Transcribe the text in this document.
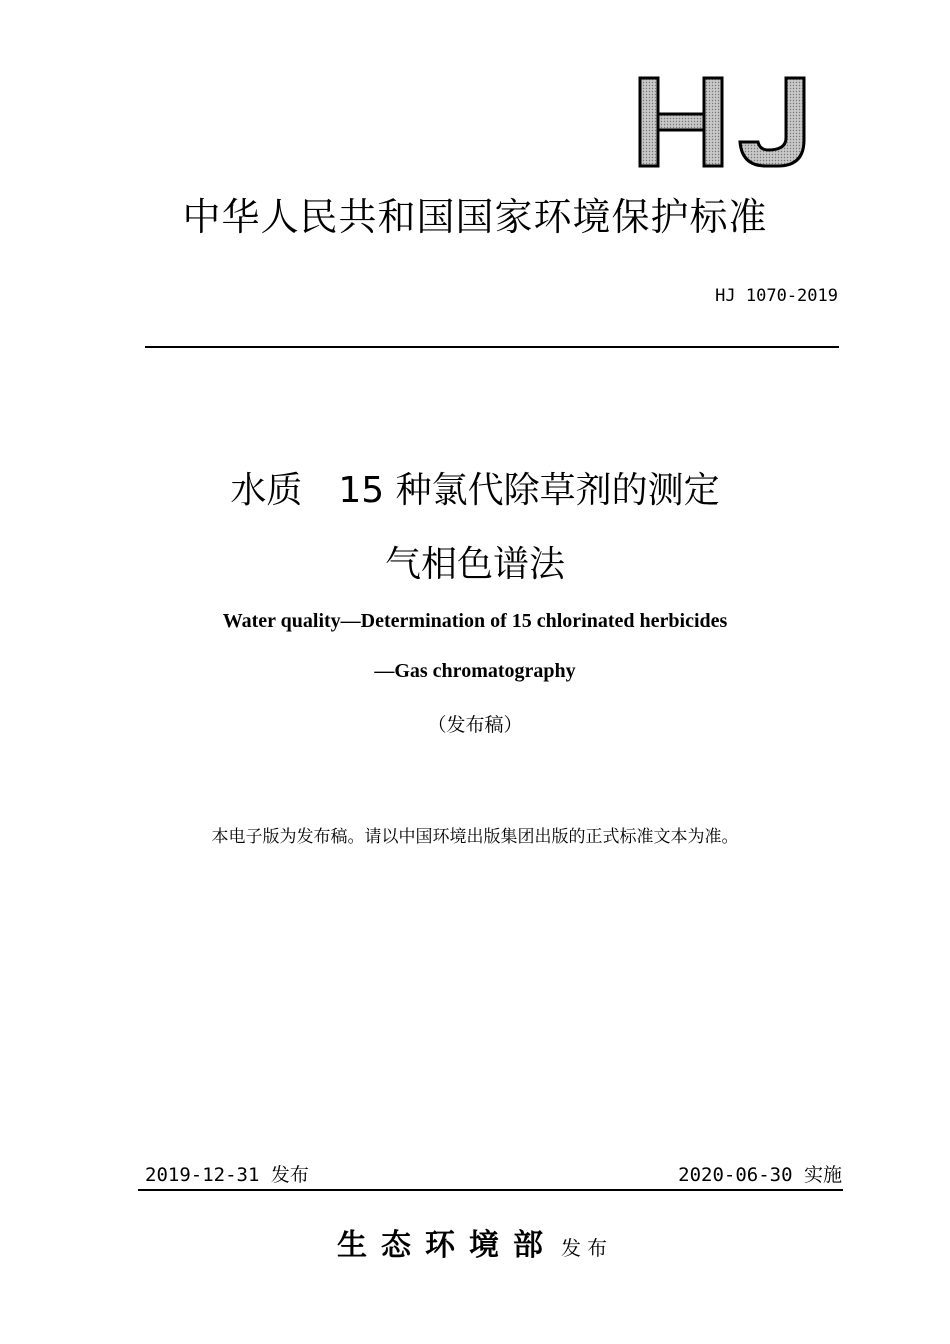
HJ
中华人民共和国国家环境保护标准
HJ 1070-2019
水质　15 种氯代除草剂的测定
气相色谱法
Water quality—Determination of 15 chlorinated herbicides
—Gas chromatography
（发布稿）
本电子版为发布稿。请以中国环境出版集团出版的正式标准文本为准。
2019-12-31 发布	2020-06-30 实施
生态环境部 发布
